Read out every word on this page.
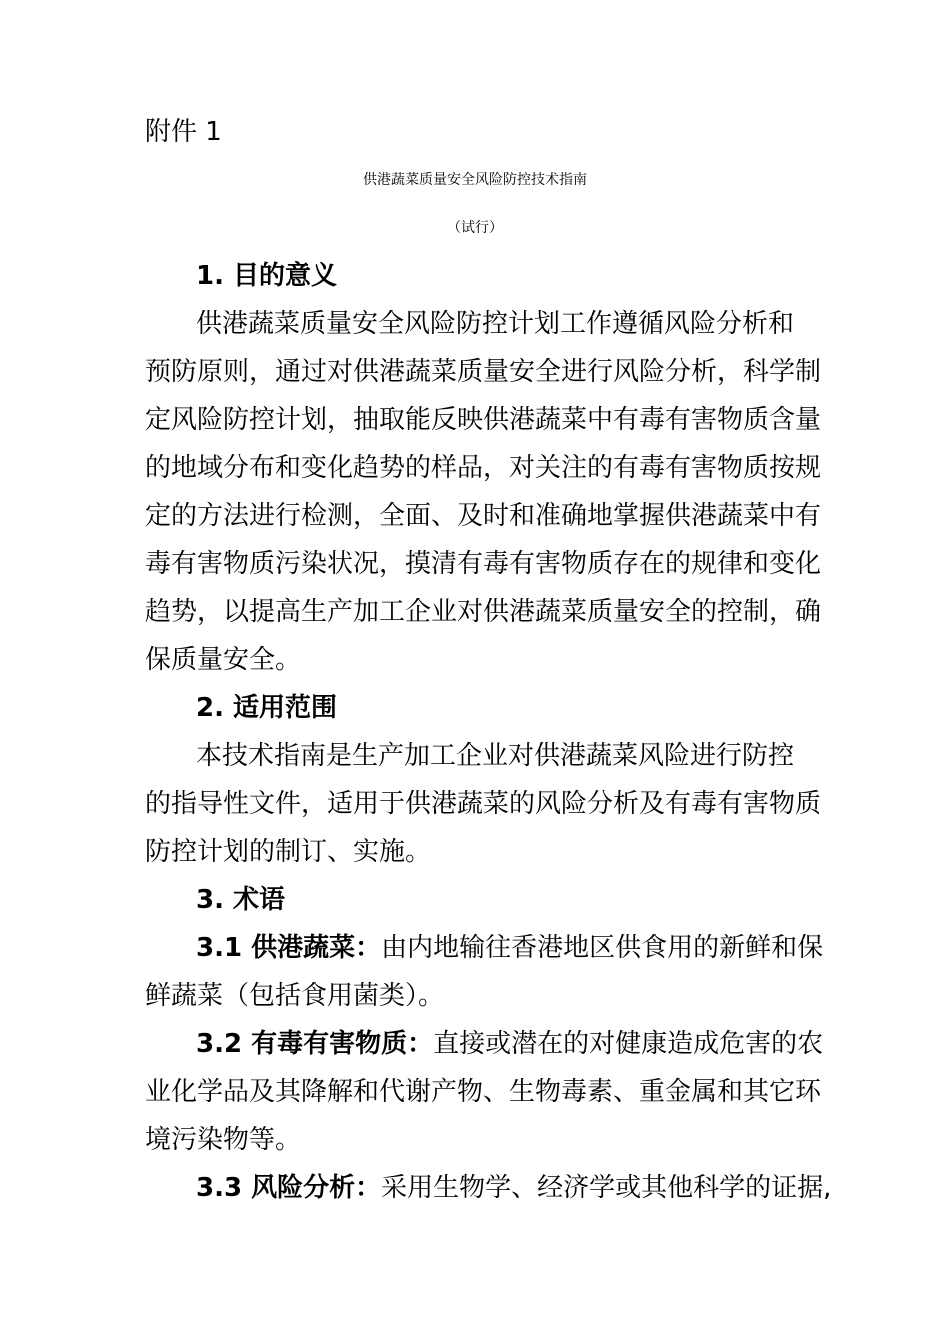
附件 1
供港蔬菜质量安全风险防控技术指南
（试行）
1. 目的意义
供港蔬菜质量安全风险防控计划工作遵循风险分析和
预防原则，通过对供港蔬菜质量安全进行风险分析，科学制
定风险防控计划，抽取能反映供港蔬菜中有毒有害物质含量
的地域分布和变化趋势的样品，对关注的有毒有害物质按规
定的方法进行检测，全面、及时和准确地掌握供港蔬菜中有
毒有害物质污染状况，摸清有毒有害物质存在的规律和变化
趋势，以提高生产加工企业对供港蔬菜质量安全的控制，确
保质量安全。
2. 适用范围
本技术指南是生产加工企业对供港蔬菜风险进行防控
的指导性文件，适用于供港蔬菜的风险分析及有毒有害物质
防控计划的制订、实施。
3. 术语
3.1 供港蔬菜：由内地输往香港地区供食用的新鲜和保
鲜蔬菜（包括食用菌类）。
3.2 有毒有害物质：直接或潜在的对健康造成危害的农
业化学品及其降解和代谢产物、生物毒素、重金属和其它环
境污染物等。
3.3 风险分析：采用生物学、经济学或其他科学的证据,
